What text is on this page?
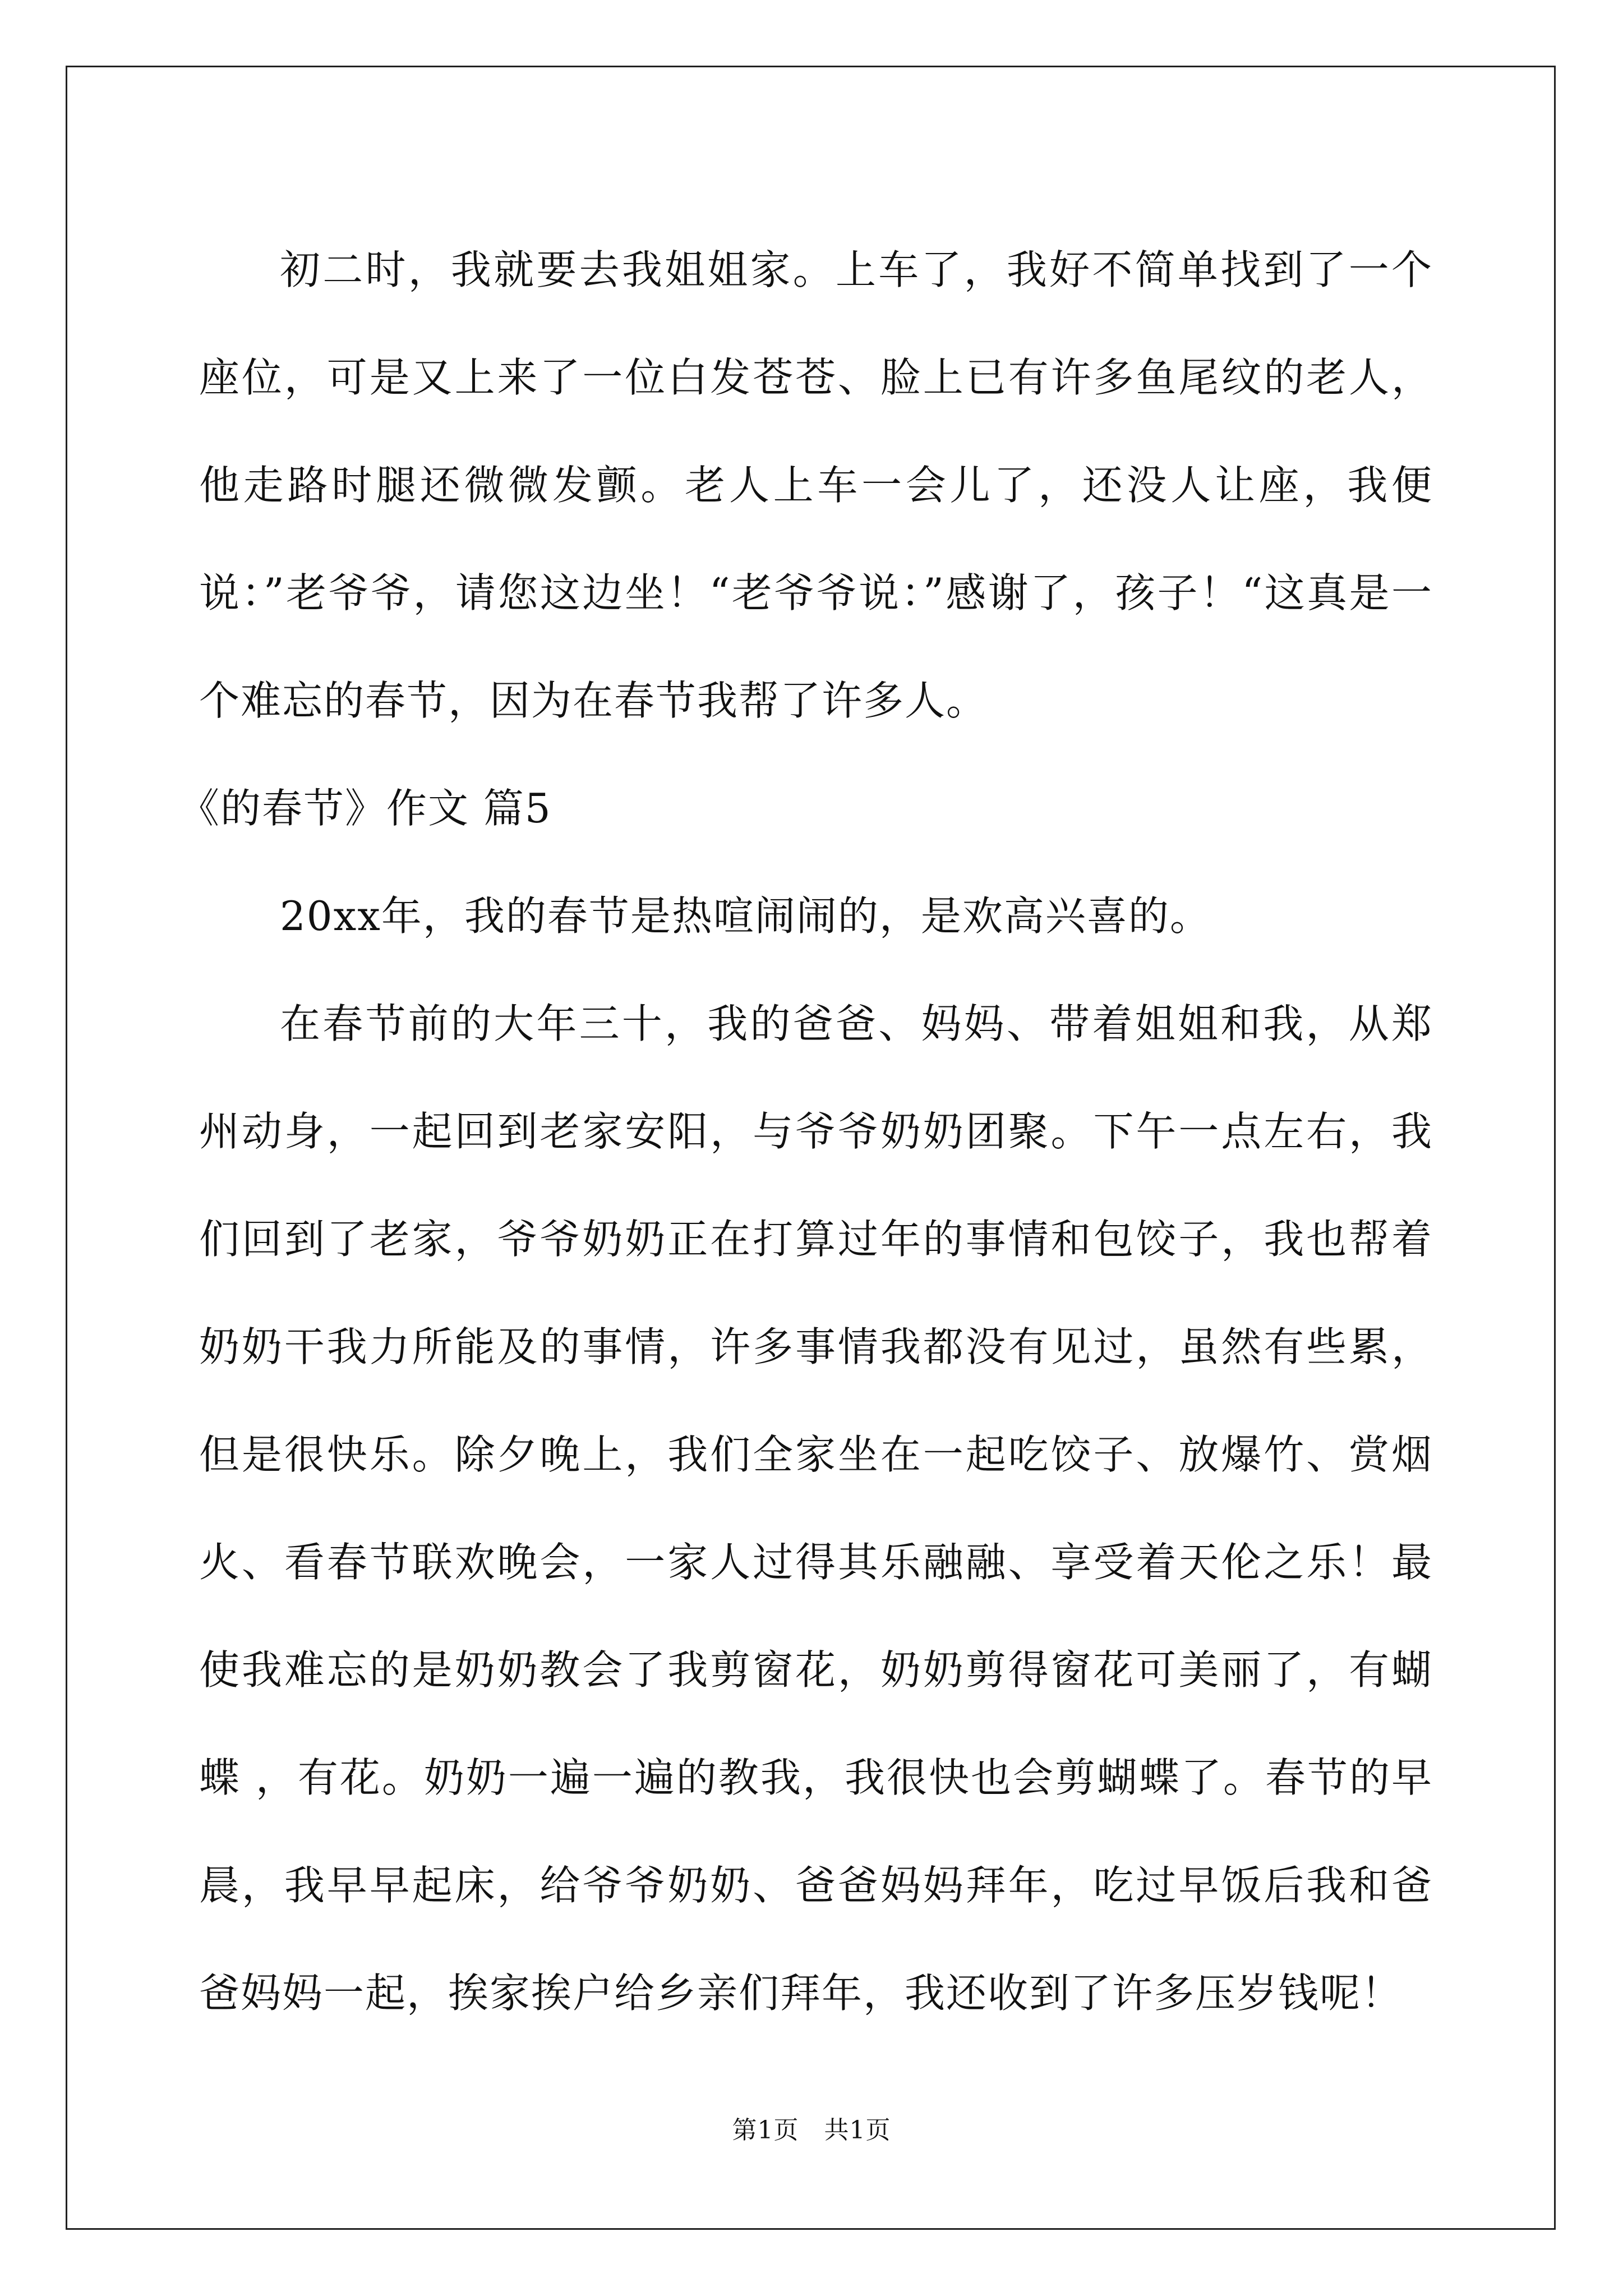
初二时，我就要去我姐姐家。上车了，我好不简单找到了一个座位，可是又上来了一位白发苍苍、脸上已有许多鱼尾纹的老人，他走路时腿还微微发颤。老人上车一会儿了，还没人让座，我便说：”老爷爷，请您这边坐！“老爷爷说：”感谢了，孩子！“这真是一个难忘的春节，因为在春节我帮了许多人。

《的春节》作文 篇5

20xx年，我的春节是热喧闹闹的，是欢高兴喜的。

在春节前的大年三十，我的爸爸、妈妈、带着姐姐和我，从郑州动身，一起回到老家安阳，与爷爷奶奶团聚。下午一点左右，我们回到了老家，爷爷奶奶正在打算过年的事情和包饺子，我也帮着奶奶干我力所能及的事情，许多事情我都没有见过，虽然有些累，但是很快乐。除夕晚上，我们全家坐在一起吃饺子、放爆竹、赏烟火、看春节联欢晚会，一家人过得其乐融融、享受着天伦之乐！最使我难忘的是奶奶教会了我剪窗花，奶奶剪得窗花可美丽了，有蝴蝶 ，有花。奶奶一遍一遍的教我，我很快也会剪蝴蝶了。春节的早晨，我早早起床，给爷爷奶奶、爸爸妈妈拜年，吃过早饭后我和爸爸妈妈一起，挨家挨户给乡亲们拜年，我还收到了许多压岁钱呢！

第1页　共1页
